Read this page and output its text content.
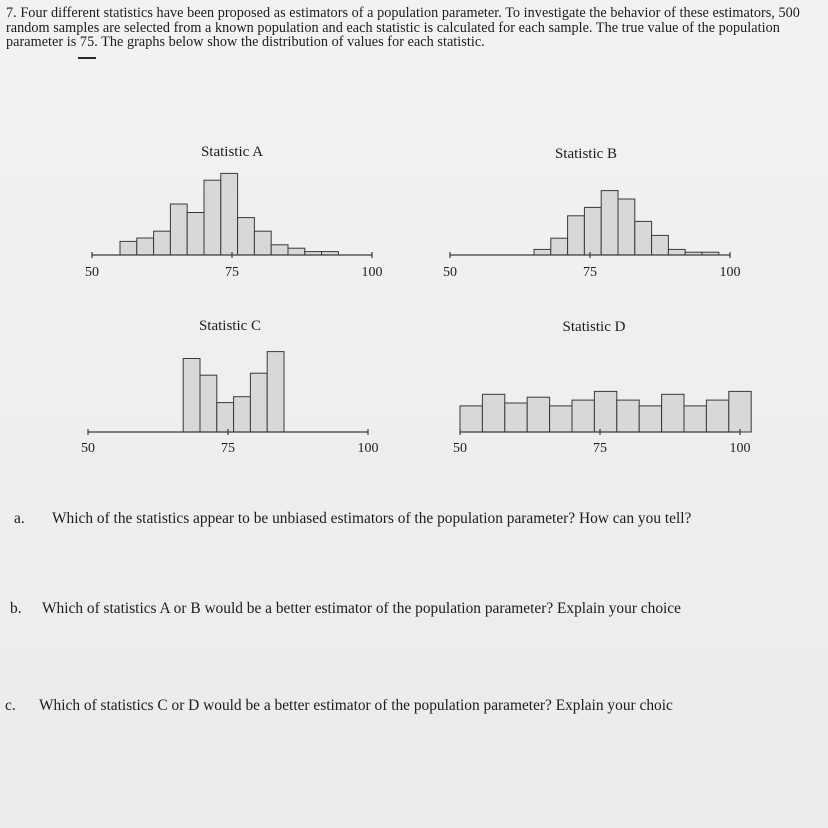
7. Four different statistics have been proposed as estimators of a population parameter. To investigate the behavior of these estimators, 500 random samples are selected from a known population and each statistic is calculated for each sample. The true value of the population parameter is 75. The graphs below show the distribution of values for each statistic.
Statistic A
50	75	100
Statistic B
50	75	100
Statistic C
50	75	100
Statistic D
50	75	100
a. Which of the statistics appear to be unbiased estimators of the population parameter? How can you tell?
b. Which of statistics A or B would be a better estimator of the population parameter? Explain your choice
c. Which of statistics C or D would be a better estimator of the population parameter? Explain your choic
